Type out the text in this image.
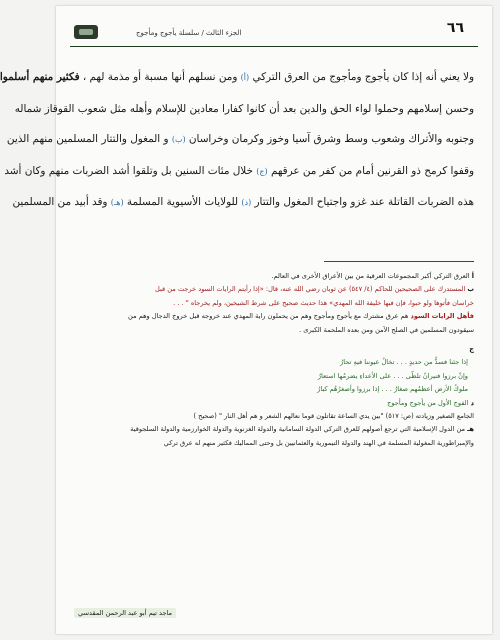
٦٦
الجزء الثالث / سلسلة يأجوج ومأجوج

ولا يعني أنه إذا كان يأجوج ومأجوج من العرق التركي (أ) ومن نسلهم أنها مسبة أو مذمة لهم ، فكثير منهم أسلموا

وحسن إسلامهم وحملوا لواء الحق والدين بعد أن كانوا كفارا معادين للإسلام وأهله مثل شعوب القوقاز شماله

وجنوبه والأتراك وشعوب وسط وشرق آسيا وخوز وكرمان وخراسان (ب) و المغول والتتار المسلمين منهم الذين

وقفوا كرمح ذو القرنين أمام من كفر من عرقهم (ج) خلال مئات السنين بل وتلقوا أشد الضربات منهم وكان أشد

هذه الضربات القاتلة عند غزو واجتياح المغول والتتار (د) للولايات الأسيوية المسلمة (هـ) وقد أبيد من المسلمين

أ العرق التركي أكبر المجموعات العرقية من بين الأعراق الأخرى في العالم.
ب المستدرك على الصحيحين للحاكم (٤/ ٥٤٧) عن ثوبان رضي الله عنه، قال: «إذا رأيتم الرايات السود خرجت من قبل
خراسان فأتوها ولو حبوا، فإن فيها خليفة الله المهدي» هذا حديث صحيح على شرط الشيخين، ولم يخرجاه " . . .
فأهل الرايات السود هم عرق مشترك مع يأجوج ومأجوج وهم من يحملون راية المهدي عند خروجه قبل خروج الدجال وهم من
سيقودون المسلمين في الصلح الآمن ومن بعده الملحمة الكبرى .
ج
إذا جئنا فسدٌّ من حديدٍ . . . تخالُ عيوننا فيهِ تحارُ
وإنْ برزوا فنيرانٌ تلظّى . . . على الأعداءِ يضرمُها استعارُ
ملوكُ الأرض أعظمُهم صغارٌ . . . إذا برزوا وأصغرُهُم كبارُ
د الفوج الأول من يأجوج ومأجوج
الجامع الصغير وزيادته (ص: ٥١٧) "بين يدي الساعة تقاتلون قوما نعالهم الشعر و هم أهل النار " (صحيح )
هـ من الدول الإسلامية التي ترجع أصولهم للعرق التركي الدولة السامانية والدولة الغزنوية والدولة الخوارزمية والدولة السلجوقية
والإمبراطورية المغولية المسلمة في الهند والدولة التيمورية والعثمانيين بل وحتى المماليك فكثير منهم له عرق تركي
ماجد تيم أبو عبد الرحمن المقدسي
